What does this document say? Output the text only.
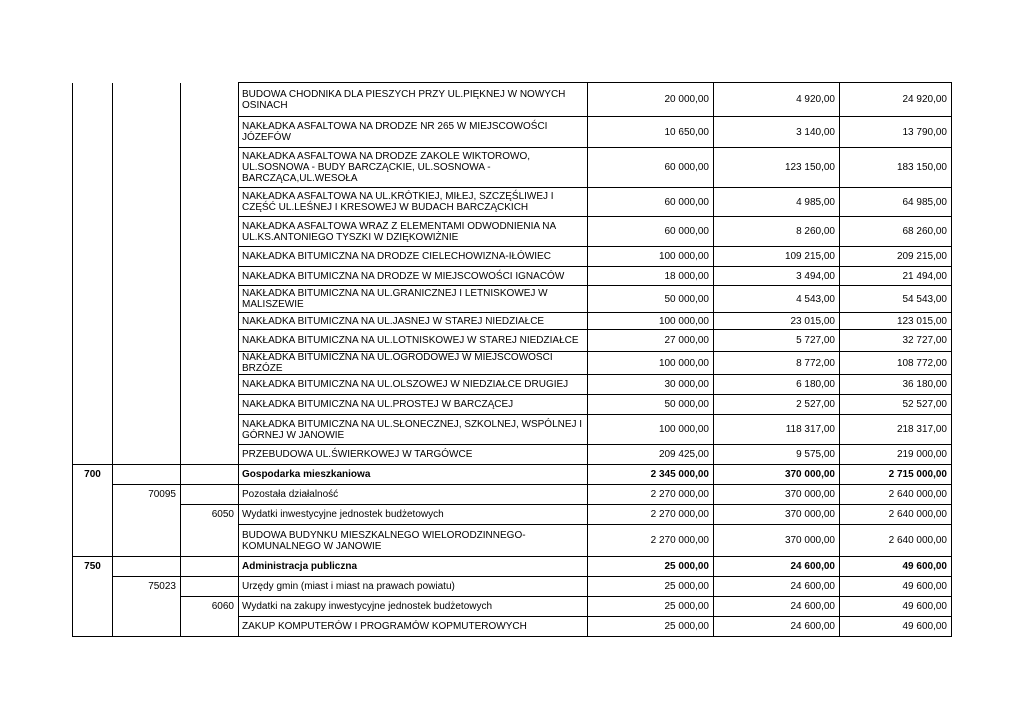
			BUDOWA CHODNIKA DLA PIESZYCH PRZY UL.PIĘKNEJ W NOWYCH OSINACH	20 000,00	4 920,00	24 920,00
			NAKŁADKA ASFALTOWA NA DRODZE NR 265 W MIEJSCOWOŚCI JÓZEFÓW	10 650,00	3 140,00	13 790,00
			NAKŁADKA ASFALTOWA NA DRODZE ZAKOLE WIKTOROWO, UL.SOSNOWA - BUDY BARCZĄCKIE, UL.SOSNOWA - BARCZĄCA,UL.WESOŁA	60 000,00	123 150,00	183 150,00
			NAKŁADKA ASFALTOWA NA UL.KRÓTKIEJ, MIŁEJ, SZCZĘŚLIWEJ I CZĘŚĆ UL.LEŚNEJ I KRESOWEJ W BUDACH BARCZĄCKICH	60 000,00	4 985,00	64 985,00
			NAKŁADKA ASFALTOWA WRAZ Z ELEMENTAMI ODWODNIENIA NA UL.KS.ANTONIEGO TYSZKI W DZIĘKOWIŻNIE	60 000,00	8 260,00	68 260,00
			NAKŁADKA BITUMICZNA NA DRODZE CIELECHOWIZNA-IŁÓWIEC	100 000,00	109 215,00	209 215,00
			NAKŁADKA BITUMICZNA NA DRODZE W MIEJSCOWOŚCI IGNACÓW	18 000,00	3 494,00	21 494,00
			NAKŁADKA BITUMICZNA NA UL.GRANICZNEJ I LETNISKOWEJ W MALISZEWIE	50 000,00	4 543,00	54 543,00
			NAKŁADKA BITUMICZNA NA UL.JASNEJ W STAREJ NIEDZIAŁCE	100 000,00	23 015,00	123 015,00
			NAKŁADKA BITUMICZNA NA UL.LOTNISKOWEJ W STAREJ NIEDZIAŁCE	27 000,00	5 727,00	32 727,00
			NAKŁADKA BITUMICZNA NA UL.OGRODOWEJ W MIEJSCOWOŚCI BRZÓZE	100 000,00	8 772,00	108 772,00
			NAKŁADKA BITUMICZNA NA UL.OLSZOWEJ W NIEDZIAŁCE DRUGIEJ	30 000,00	6 180,00	36 180,00
			NAKŁADKA BITUMICZNA NA UL.PROSTEJ W BARCZĄCEJ	50 000,00	2 527,00	52 527,00
			NAKŁADKA BITUMICZNA NA UL.SŁONECZNEJ, SZKOLNEJ, WSPÓLNEJ I GÓRNEJ W JANOWIE	100 000,00	118 317,00	218 317,00
			PRZEBUDOWA UL.ŚWIERKOWEJ W TARGÓWCE	209 425,00	9 575,00	219 000,00
700			Gospodarka mieszkaniowa	2 345 000,00	370 000,00	2 715 000,00
	70095		Pozostała działalność	2 270 000,00	370 000,00	2 640 000,00
		6050	Wydatki inwestycyjne jednostek budżetowych	2 270 000,00	370 000,00	2 640 000,00
			BUDOWA BUDYNKU MIESZKALNEGO WIELORODZINNEGO-KOMUNALNEGO W JANOWIE	2 270 000,00	370 000,00	2 640 000,00
750			Administracja publiczna	25 000,00	24 600,00	49 600,00
	75023		Urzędy gmin (miast i miast na prawach powiatu)	25 000,00	24 600,00	49 600,00
		6060	Wydatki na zakupy inwestycyjne jednostek budżetowych	25 000,00	24 600,00	49 600,00
			ZAKUP KOMPUTERÓW I PROGRAMÓW KOPMUTEROWYCH	25 000,00	24 600,00	49 600,00
